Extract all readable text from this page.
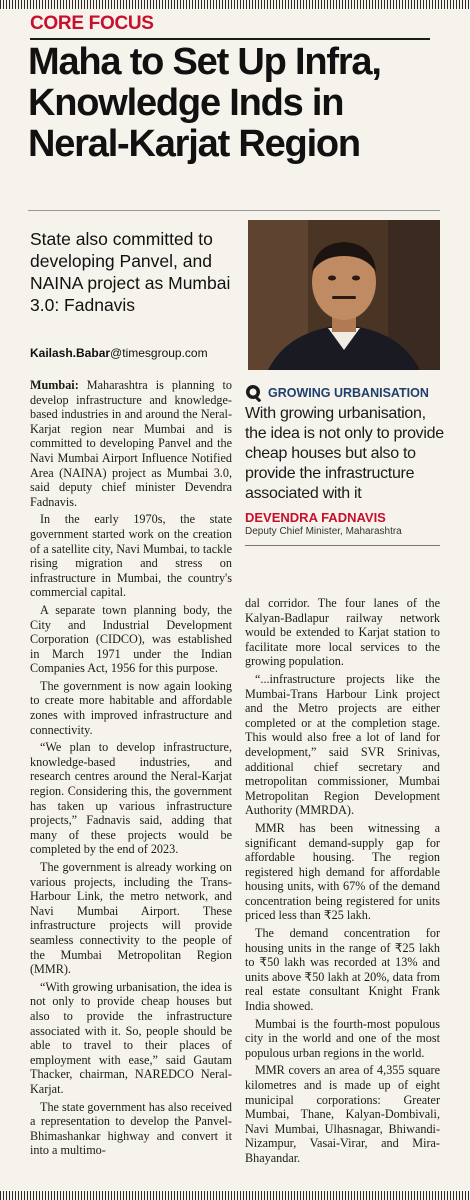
CORE FOCUS
Maha to Set Up Infra, Knowledge Inds in Neral-Karjat Region
State also committed to developing Panvel, and NAINA project as Mumbai 3.0: Fadnavis
Kailash.Babar@timesgroup.com
GROWING URBANISATION
With growing urbanisation, the idea is not only to provide cheap houses but also to provide the infrastructure associated with it
DEVENDRA FADNAVIS
Deputy Chief Minister, Maharashtra

Mumbai: Maharashtra is planning to develop infrastructure and knowledge-based industries in and around the Neral-Karjat region near Mumbai and is committed to developing Panvel and the Navi Mumbai Airport Influence Notified Area (NAINA) project as Mumbai 3.0, said deputy chief minister Devendra Fadnavis.

In the early 1970s, the state government started work on the creation of a satellite city, Navi Mumbai, to tackle rising migration and stress on infrastructure in Mumbai, the country's commercial capital.

A separate town planning body, the City and Industrial Development Corporation (CIDCO), was established in March 1971 under the Indian Companies Act, 1956 for this purpose.

The government is now again looking to create more habitable and affordable zones with improved infrastructure and connectivity.

“We plan to develop infrastructure, knowledge-based industries, and research centres around the Neral-Karjat region. Considering this, the government has taken up various infrastructure projects,” Fadnavis said, adding that many of these projects would be completed by the end of 2023.

The government is already working on various projects, including the Trans-Harbour Link, the metro network, and Navi Mumbai Airport. These infrastructure projects will provide seamless connectivity to the people of the Mumbai Metropolitan Region (MMR).

“With growing urbanisation, the idea is not only to provide cheap houses but also to provide the infrastructure associated with it. So, people should be able to travel to their places of employment with ease,” said Gautam Thacker, chairman, NAREDCO Neral-Karjat.

The state government has also received a representation to develop the Panvel-Bhimashankar highway and convert it into a multimo-

dal corridor. The four lanes of the Kalyan-Badlapur railway network would be extended to Karjat station to facilitate more local services to the growing population.

“...infrastructure projects like the Mumbai-Trans Harbour Link project and the Metro projects are either completed or at the completion stage. This would also free a lot of land for development,” said SVR Srinivas, additional chief secretary and metropolitan commissioner, Mumbai Metropolitan Region Development Authority (MMRDA).

MMR has been witnessing a significant demand-supply gap for affordable housing. The region registered high demand for affordable housing units, with 67% of the demand concentration being registered for units priced less than ₹25 lakh.

The demand concentration for housing units in the range of ₹25 lakh to ₹50 lakh was recorded at 13% and units above ₹50 lakh at 20%, data from real estate consultant Knight Frank India showed.

Mumbai is the fourth-most populous city in the world and one of the most populous urban regions in the world.

MMR covers an area of 4,355 square kilometres and is made up of eight municipal corporations: Greater Mumbai, Thane, Kalyan-Dombivali, Navi Mumbai, Ulhasnagar, Bhiwandi-Nizampur, Vasai-Virar, and Mira-Bhayandar.
